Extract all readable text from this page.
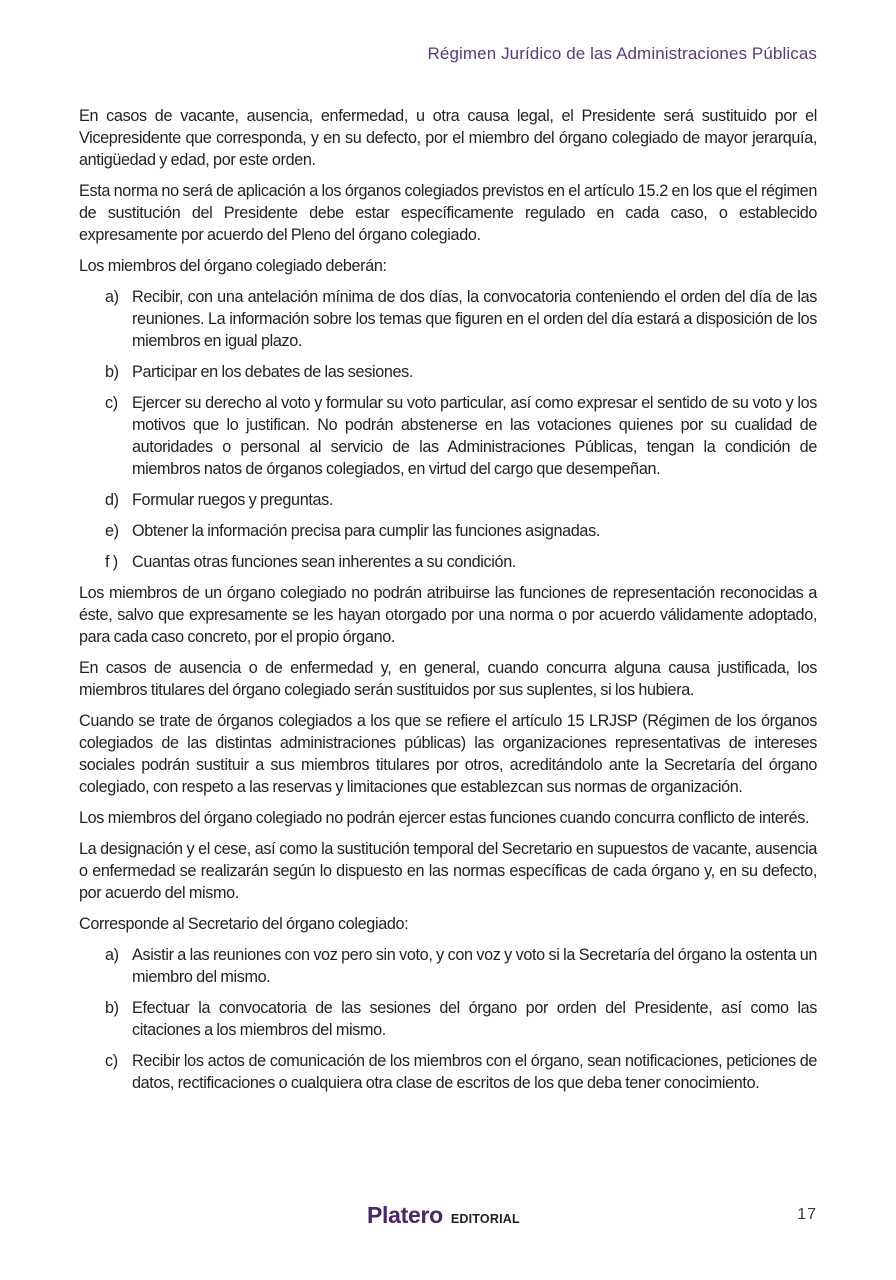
Régimen Jurídico de las Administraciones Públicas

En casos de vacante, ausencia, enfermedad, u otra causa legal, el Presidente será sustituido por el Vicepresidente que corresponda, y en su defecto, por el miembro del órgano colegiado de mayor jerarquía, antigüedad y edad, por este orden.

Esta norma no será de aplicación a los órganos colegiados previstos en el artículo 15.2 en los que el régimen de sustitución del Presidente debe estar específicamente regulado en cada caso, o establecido expresamente por acuerdo del Pleno del órgano colegiado.

Los miembros del órgano colegiado deberán:

a) Recibir, con una antelación mínima de dos días, la convocatoria conteniendo el orden del día de las reuniones. La información sobre los temas que figuren en el orden del día estará a disposición de los miembros en igual plazo.
b) Participar en los debates de las sesiones.
c) Ejercer su derecho al voto y formular su voto particular, así como expresar el sentido de su voto y los motivos que lo justifican. No podrán abstenerse en las votaciones quienes por su cualidad de autoridades o personal al servicio de las Administraciones Públicas, tengan la condición de miembros natos de órganos colegiados, en virtud del cargo que desempeñan.
d) Formular ruegos y preguntas.
e) Obtener la información precisa para cumplir las funciones asignadas.
f ) Cuantas otras funciones sean inherentes a su condición.

Los miembros de un órgano colegiado no podrán atribuirse las funciones de representación reconocidas a éste, salvo que expresamente se les hayan otorgado por una norma o por acuerdo válidamente adoptado, para cada caso concreto, por el propio órgano.

En casos de ausencia o de enfermedad y, en general, cuando concurra alguna causa justificada, los miembros titulares del órgano colegiado serán sustituidos por sus suplentes, si los hubiera.

Cuando se trate de órganos colegiados a los que se refiere el artículo 15 LRJSP (Régimen de los órganos colegiados de las distintas administraciones públicas) las organizaciones representativas de intereses sociales podrán sustituir a sus miembros titulares por otros, acreditándolo ante la Secretaría del órgano colegiado, con respeto a las reservas y limitaciones que establezcan sus normas de organización.

Los miembros del órgano colegiado no podrán ejercer estas funciones cuando concurra conflicto de interés.

La designación y el cese, así como la sustitución temporal del Secretario en supuestos de vacante, ausencia o enfermedad se realizarán según lo dispuesto en las normas específicas de cada órgano y, en su defecto, por acuerdo del mismo.

Corresponde al Secretario del órgano colegiado:

a) Asistir a las reuniones con voz pero sin voto, y con voz y voto si la Secretaría del órgano la ostenta un miembro del mismo.
b) Efectuar la convocatoria de las sesiones del órgano por orden del Presidente, así como las citaciones a los miembros del mismo.
c) Recibir los actos de comunicación de los miembros con el órgano, sean notificaciones, peticiones de datos, rectificaciones o cualquiera otra clase de escritos de los que deba tener conocimiento.
Platero EDITORIAL	17
